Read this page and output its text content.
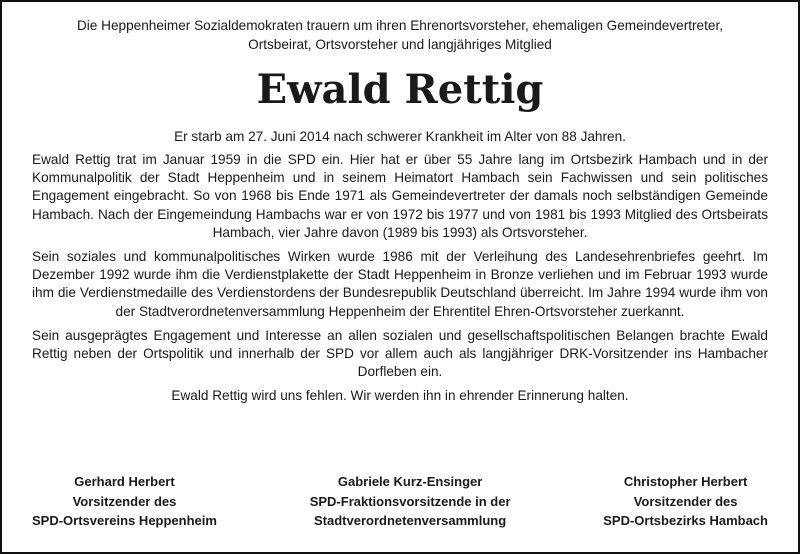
Die Heppenheimer Sozialdemokraten trauern um ihren Ehrenortsvorsteher, ehemaligen Gemeindevertreter,
Ortsbeirat, Ortsvorsteher und langjähriges Mitglied

Ewald Rettig

Er starb am 27. Juni 2014 nach schwerer Krankheit im Alter von 88 Jahren.

Ewald Rettig trat im Januar 1959 in die SPD ein. Hier hat er über 55 Jahre lang im Ortsbezirk Hambach und in der Kommunalpolitik der Stadt Heppenheim und in seinem Heimatort Hambach sein Fachwissen und sein politisches Engagement eingebracht. So von 1968 bis Ende 1971 als Gemeindevertreter der damals noch selbständigen Gemeinde Hambach. Nach der Eingemeindung Hambachs war er von 1972 bis 1977 und von 1981 bis 1993 Mitglied des Ortsbeirats Hambach, vier Jahre davon (1989 bis 1993) als Ortsvorsteher.

Sein soziales und kommunalpolitisches Wirken wurde 1986 mit der Verleihung des Landesehrenbriefes geehrt. Im Dezember 1992 wurde ihm die Verdienstplakette der Stadt Heppenheim in Bronze verliehen und im Februar 1993 wurde ihm die Verdienstmedaille des Verdienstordens der Bundesrepublik Deutschland überreicht. Im Jahre 1994 wurde ihm von der Stadtverordnetenversammlung Heppenheim der Ehrentitel Ehren-Ortsvorsteher zuerkannt.

Sein ausgeprägtes Engagement und Interesse an allen sozialen und gesellschaftspolitischen Belangen brachte Ewald Rettig neben der Ortspolitik und innerhalb der SPD vor allem auch als langjähriger DRK-Vorsitzender ins Hambacher Dorfleben ein.

Ewald Rettig wird uns fehlen. Wir werden ihn in ehrender Erinnerung halten.

Gerhard Herbert
Vorsitzender des
SPD-Ortsvereins Heppenheim
Gabriele Kurz-Ensinger
SPD-Fraktionsvorsitzende in der
Stadtverordnetenversammlung
Christopher Herbert
Vorsitzender des
SPD-Ortsbezirks Hambach
